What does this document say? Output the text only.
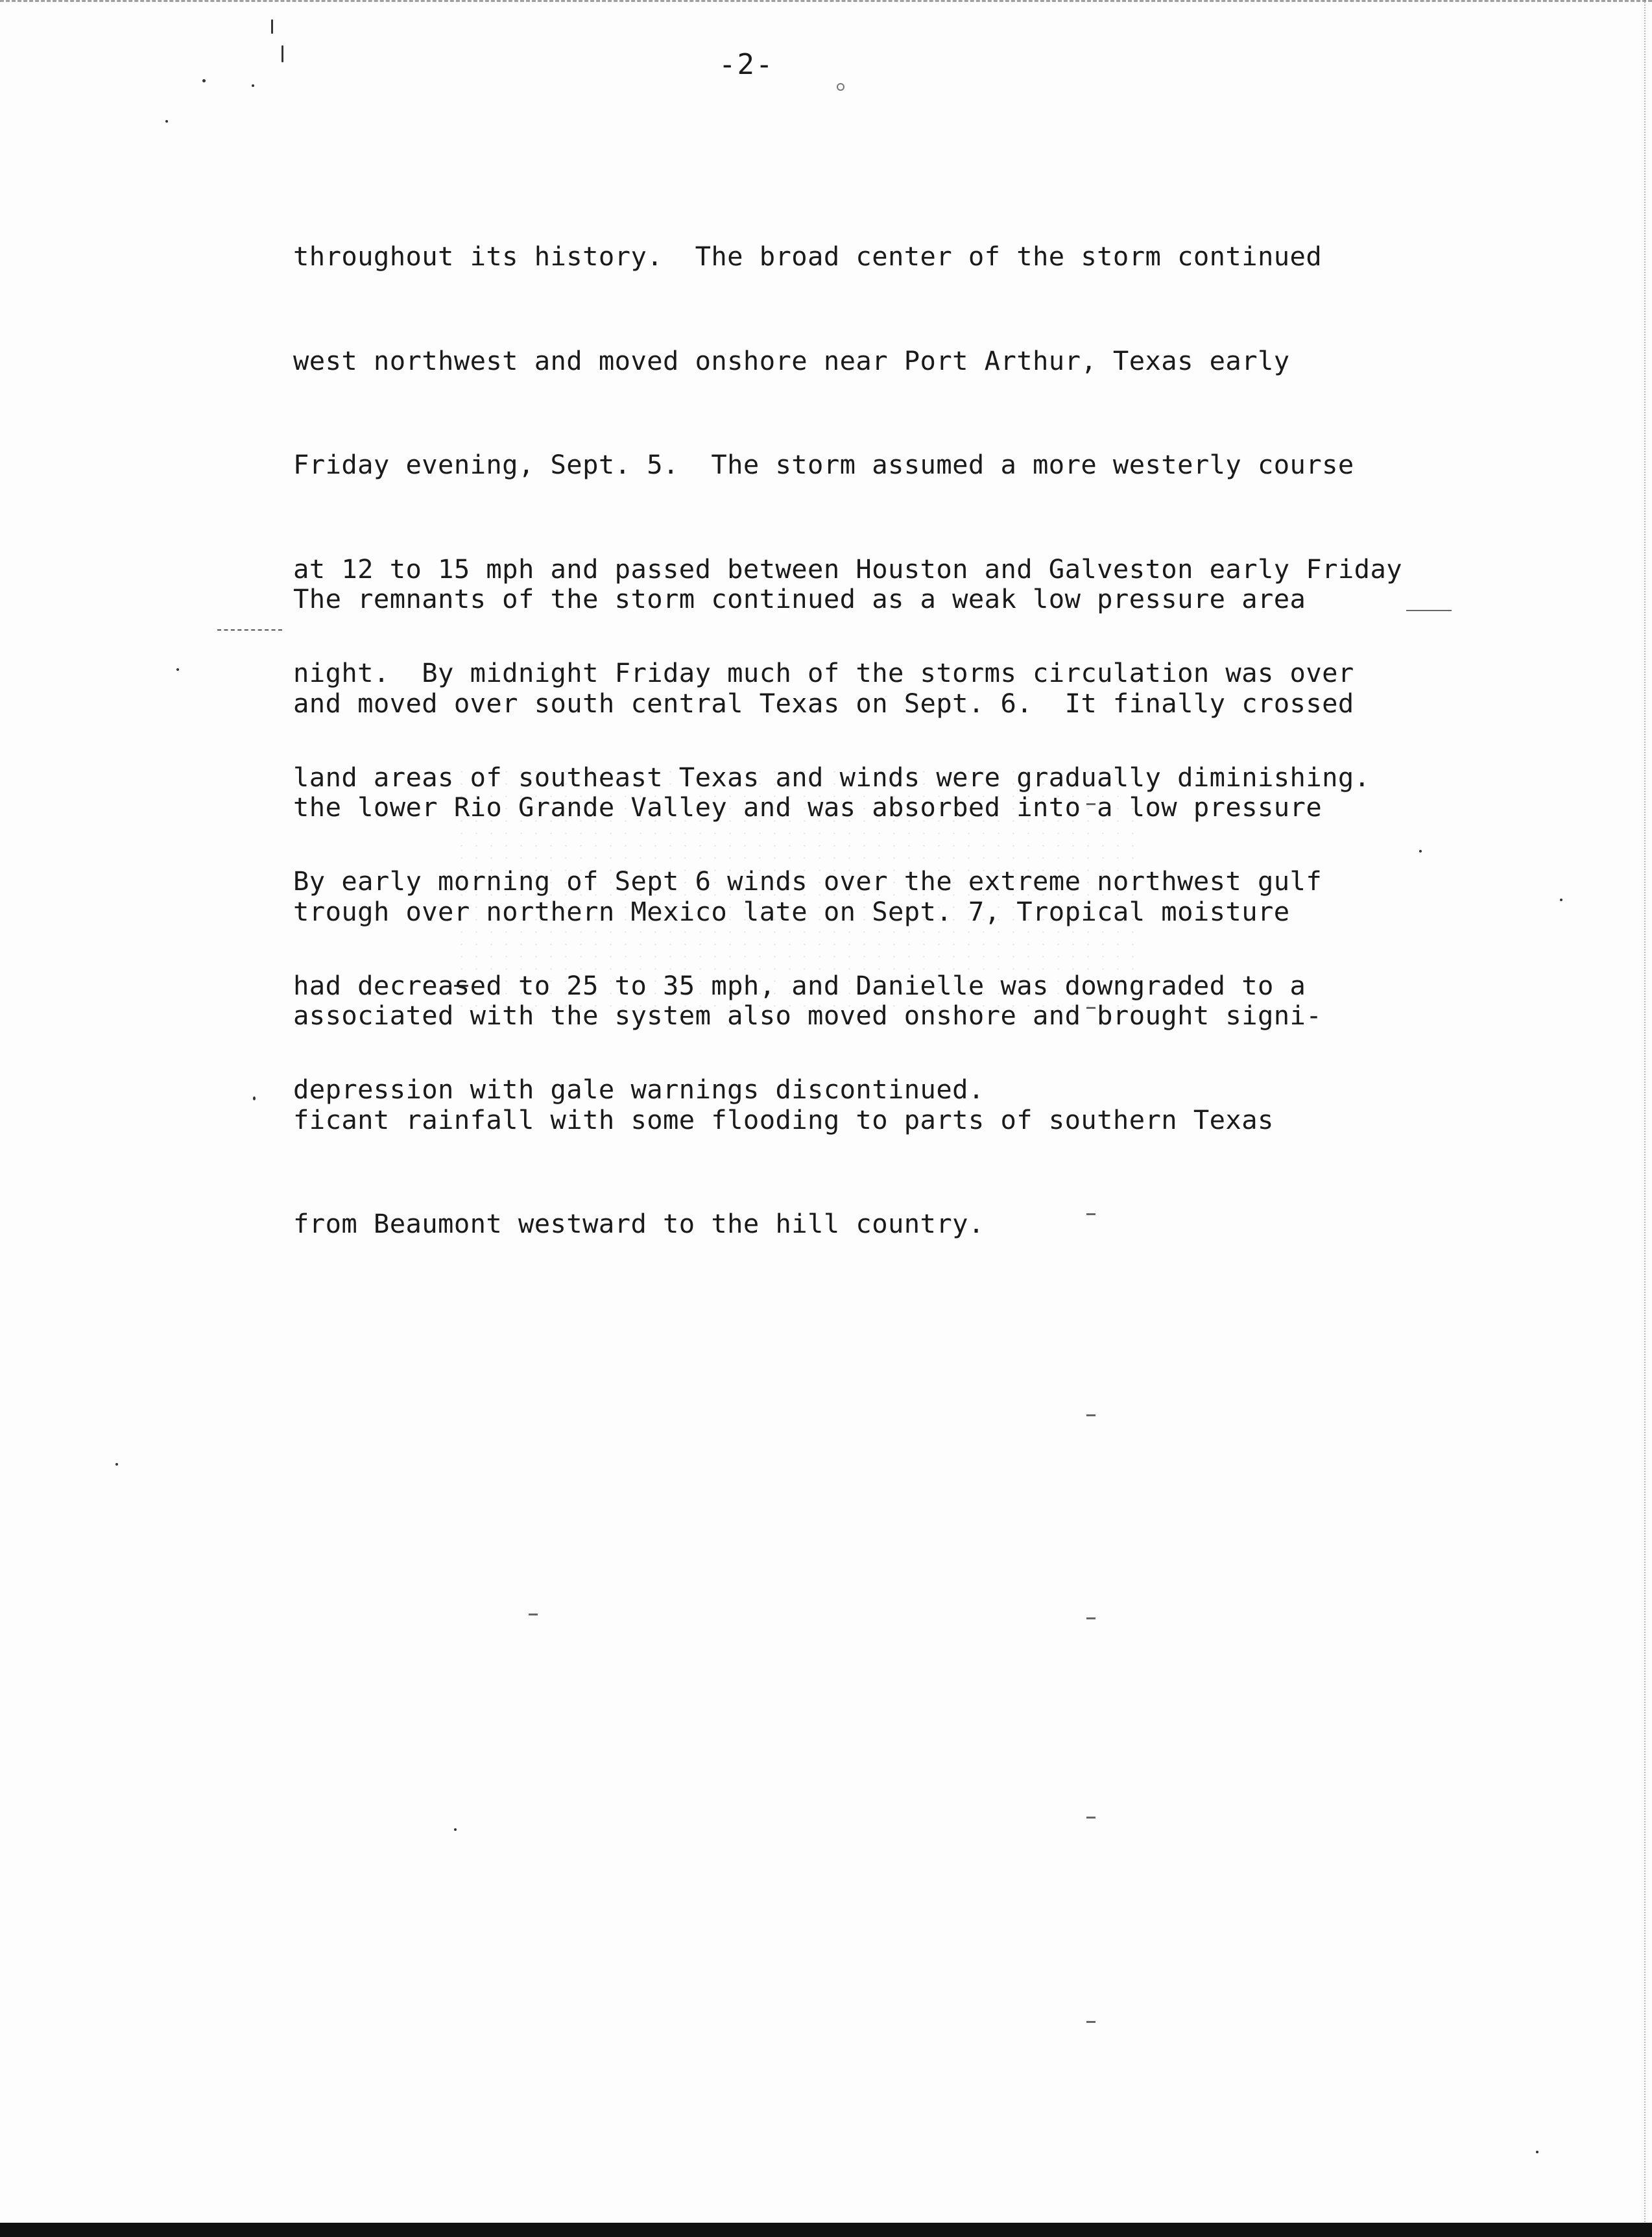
-2-

throughout its history.  The broad center of the storm continued

west northwest and moved onshore near Port Arthur, Texas early

Friday evening, Sept. 5.  The storm assumed a more westerly course

at 12 to 15 mph and passed between Houston and Galveston early Friday

night.  By midnight Friday much of the storms circulation was over

land areas of southeast Texas and winds were gradually diminishing.

By early morning of Sept 6 winds over the extreme northwest gulf

had decreased to 25 to 35 mph, and Danielle was downgraded to a

depression with gale warnings discontinued.

The remnants of the storm continued as a weak low pressure area

and moved over south central Texas on Sept. 6.  It finally crossed

the lower Rio Grande Valley and was absorbed into a low pressure

trough over northern Mexico late on Sept. 7, Tropical moisture

associated with the system also moved onshore and brought signi-

ficant rainfall with some flooding to parts of southern Texas

from Beaumont westward to the hill country.
